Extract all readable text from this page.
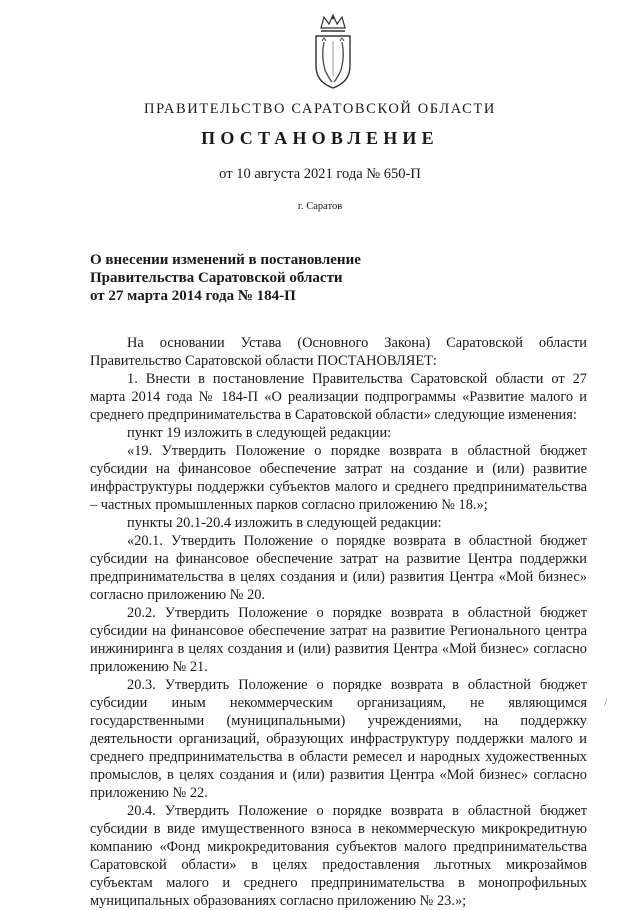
ПРАВИТЕЛЬСТВО САРАТОВСКОЙ ОБЛАСТИ
ПОСТАНОВЛЕНИЕ
от 10 августа 2021 года № 650-П
г. Саратов
О внесении изменений в постановление
Правительства Саратовской области
от 27 марта 2014 года № 184-П

На основании Устава (Основного Закона) Саратовской области Правительство Саратовской области ПОСТАНОВЛЯЕТ:

1. Внести в постановление Правительства Саратовской области от 27 марта 2014 года № 184-П «О реализации подпрограммы «Развитие малого и среднего предпринимательства в Саратовской области» следующие изменения:

пункт 19 изложить в следующей редакции:

«19. Утвердить Положение о порядке возврата в областной бюджет субсидии на финансовое обеспечение затрат на создание и (или) развитие инфраструктуры поддержки субъектов малого и среднего предпринимательства – частных промышленных парков согласно приложению № 18.»;

пункты 20.1-20.4 изложить в следующей редакции:

«20.1. Утвердить Положение о порядке возврата в областной бюджет субсидии на финансовое обеспечение затрат на развитие Центра поддержки предпринимательства в целях создания и (или) развития Центра «Мой бизнес» согласно приложению № 20.

20.2. Утвердить Положение о порядке возврата в областной бюджет субсидии на финансовое обеспечение затрат на развитие Регионального центра инжиниринга в целях создания и (или) развития Центра «Мой бизнес» согласно приложению № 21.

20.3. Утвердить Положение о порядке возврата в областной бюджет субсидии иным некоммерческим организациям, не являющимся государственными (муниципальными) учреждениями, на поддержку деятельности организаций, образующих инфраструктуру поддержки малого и среднего предпринимательства в области ремесел и народных художественных промыслов, в целях создания и (или) развития Центра «Мой бизнес» согласно приложению № 22.

20.4. Утвердить Положение о порядке возврата в областной бюджет субсидии в виде имущественного взноса в некоммерческую микрокредитную компанию «Фонд микрокредитования субъектов малого предпринимательства Саратовской области» в целях предоставления льготных микрозаймов субъектам малого и среднего предпринимательства в монопрофильных муниципальных образованиях согласно приложению № 23.»;

/
